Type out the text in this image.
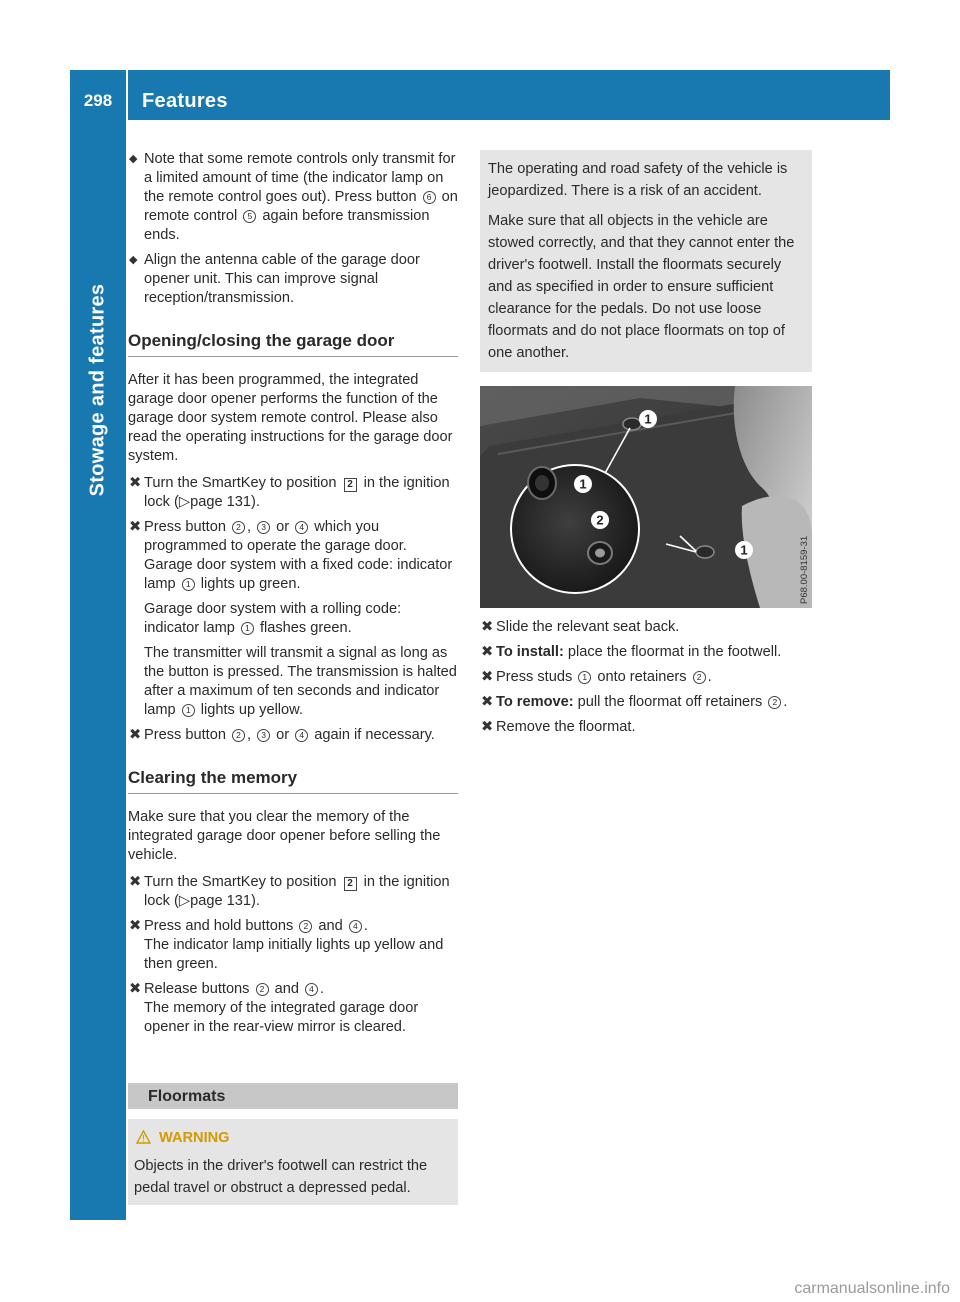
298	Features
Stowage and features
◆ Note that some remote controls only transmit for a limited amount of time (the indicator lamp on the remote control goes out). Press button 6 on remote control 5 again before transmission ends.
◆ Align the antenna cable of the garage door opener unit. This can improve signal reception/transmission.
Opening/closing the garage door

After it has been programmed, the integrated garage door opener performs the function of the garage door system remote control. Please also read the operating instructions for the garage door system.

✖ Turn the SmartKey to position 2 in the ignition lock (▷page 131).
✖ Press button 2 , 3 or 4 which you programmed to operate the garage door.
Garage door system with a fixed code: indicator lamp 1 lights up green.

Garage door system with a rolling code: indicator lamp 1 flashes green.

The transmitter will transmit a signal as long as the button is pressed. The transmission is halted after a maximum of ten seconds and indicator lamp 1 lights up yellow.

✖ Press button 2 , 3 or 4 again if necessary.
Clearing the memory

Make sure that you clear the memory of the integrated garage door opener before selling the vehicle.

✖ Turn the SmartKey to position 2 in the ignition lock (▷page 131).
✖ Press and hold buttons 2 and 4 .
The indicator lamp initially lights up yellow and then green.
✖ Release buttons 2 and 4 .
The memory of the integrated garage door opener in the rear-view mirror is cleared.
Floormats
WARNING
Objects in the driver's footwell can restrict the pedal travel or obstruct a depressed pedal.

The operating and road safety of the vehicle is jeopardized. There is a risk of an accident.

Make sure that all objects in the vehicle are stowed correctly, and that they cannot enter the driver's footwell. Install the floormats securely and as specified in order to ensure sufficient clearance for the pedals. Do not use loose floormats and do not place floormats on top of one another.

1
1
2
1	P68.00-8159-31
✖ Slide the relevant seat back.
✖ To install: place the floormat in the footwell.
✖ Press studs 1 onto retainers 2 .
✖ To remove: pull the floormat off retainers 2 .
✖ Remove the floormat.
carmanualsonline.info
